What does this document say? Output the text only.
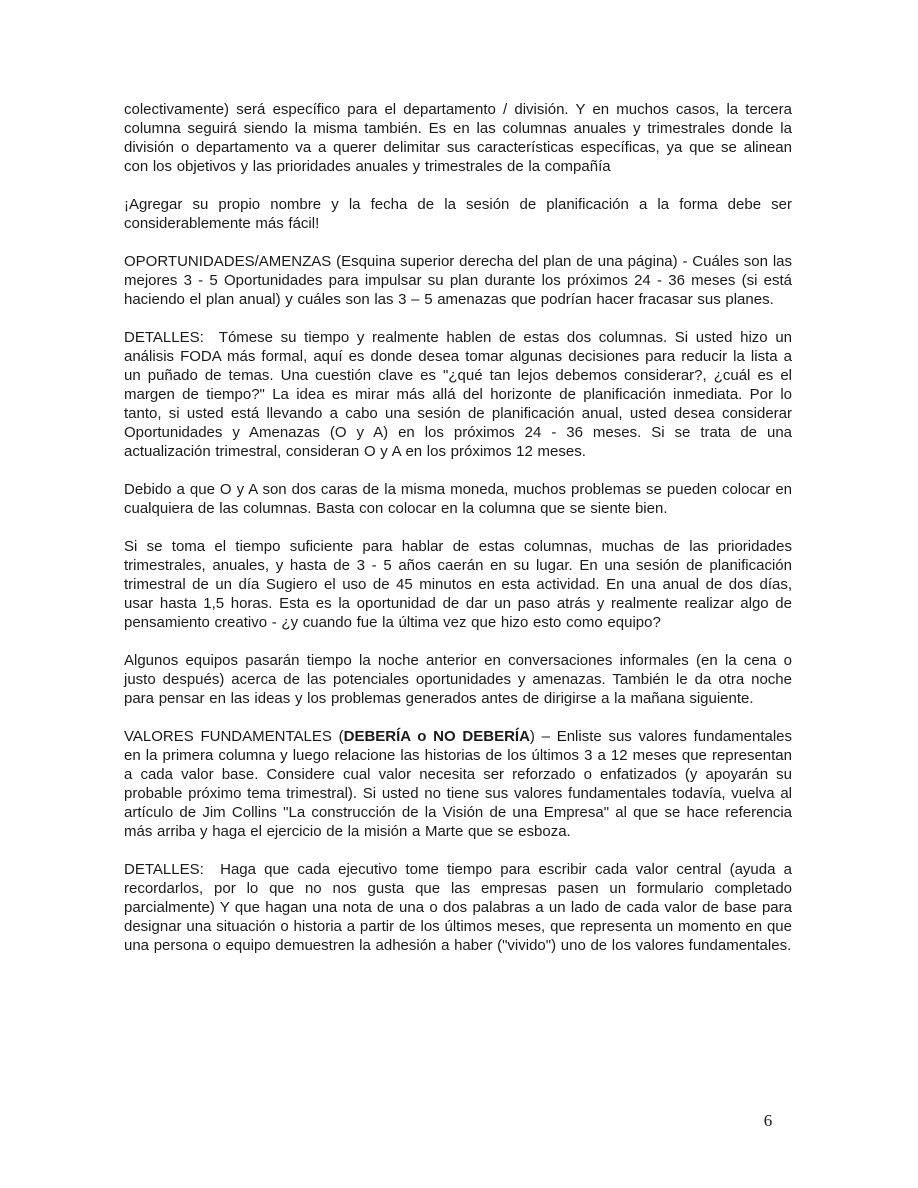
colectivamente) será específico para el departamento / división. Y en muchos casos, la tercera columna seguirá siendo la misma también. Es en las columnas anuales y trimestrales donde la división o departamento va a querer delimitar sus características específicas, ya que se alinean con los objetivos y las prioridades anuales y trimestrales de la compañía

¡Agregar su propio nombre y la fecha de la sesión de planificación a la forma debe ser considerablemente más fácil!

OPORTUNIDADES/AMENZAS (Esquina superior derecha del plan de una página) - Cuáles son las mejores 3 - 5 Oportunidades para impulsar su plan durante los próximos 24 - 36 meses (si está haciendo el plan anual) y cuáles son las 3 – 5 amenazas que podrían hacer fracasar sus planes.

DETALLES:  Tómese su tiempo y realmente hablen de estas dos columnas. Si usted hizo un análisis FODA más formal, aquí es donde desea tomar algunas decisiones para reducir la lista a un puñado de temas. Una cuestión clave es "¿qué tan lejos debemos considerar?, ¿cuál es el margen de tiempo?" La idea es mirar más allá del horizonte de planificación inmediata. Por lo tanto, si usted está llevando a cabo una sesión de planificación anual, usted desea considerar Oportunidades y Amenazas (O y A) en los próximos 24 - 36 meses. Si se trata de una actualización trimestral, consideran O y A en los próximos 12 meses.

Debido a que O y A son dos caras de la misma moneda, muchos problemas se pueden colocar en cualquiera de las columnas. Basta con colocar en la columna que se siente bien.

Si se toma el tiempo suficiente para hablar de estas columnas, muchas de las prioridades trimestrales, anuales, y hasta de 3 - 5 años caerán en su lugar. En una sesión de planificación trimestral de un día Sugiero el uso de 45 minutos en esta actividad. En una anual de dos días, usar hasta 1,5 horas. Esta es la oportunidad de dar un paso atrás y realmente realizar algo de pensamiento creativo - ¿y cuando fue la última vez que hizo esto como equipo?

Algunos equipos pasarán tiempo la noche anterior en conversaciones informales (en la cena o justo después) acerca de las potenciales oportunidades y amenazas. También le da otra noche para pensar en las ideas y los problemas generados antes de dirigirse a la mañana siguiente.

VALORES FUNDAMENTALES (DEBERÍA o NO DEBERÍA) – Enliste sus valores fundamentales en la primera columna y luego relacione las historias de los últimos 3 a 12 meses que representan a cada valor base. Considere cual valor necesita ser reforzado o enfatizados (y apoyarán su probable próximo tema trimestral). Si usted no tiene sus valores fundamentales todavía, vuelva al artículo de Jim Collins "La construcción de la Visión de una Empresa" al que se hace referencia más arriba y haga el ejercicio de la misión a Marte que se esboza.

DETALLES:  Haga que cada ejecutivo tome tiempo para escribir cada valor central (ayuda a recordarlos, por lo que no nos gusta que las empresas pasen un formulario completado parcialmente) Y que hagan una nota de una o dos palabras a un lado de cada valor de base para designar una situación o historia a partir de los últimos meses, que representa un momento en que una persona o equipo demuestren la adhesión a haber ("vivido") uno de los valores fundamentales.

6
